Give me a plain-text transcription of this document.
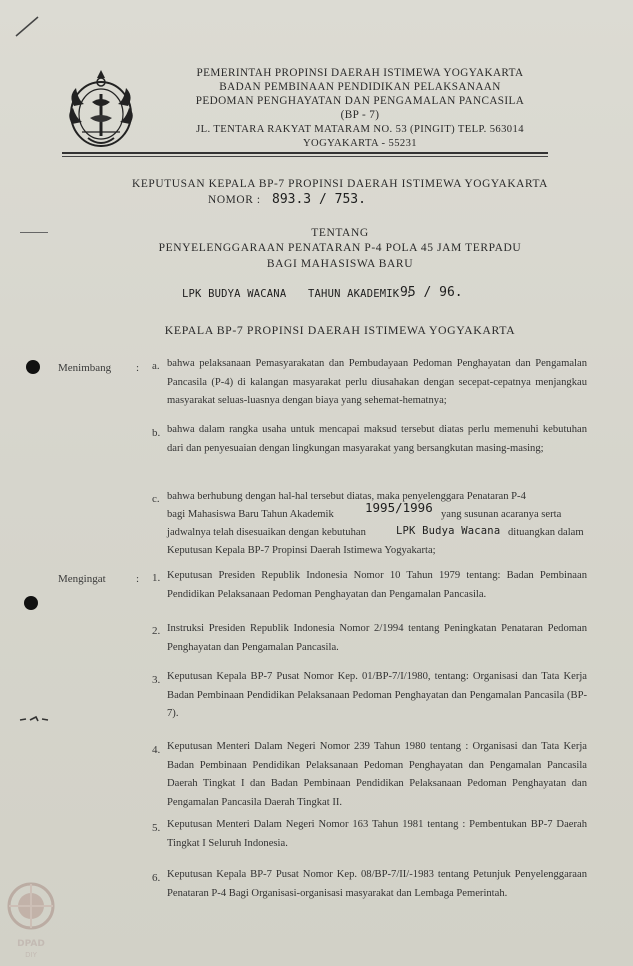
PEMERINTAH PROPINSI DAERAH ISTIMEWA YOGYAKARTA
BADAN PEMBINAAN PENDIDIKAN PELAKSANAAN
PEDOMAN PENGHAYATAN DAN PENGAMALAN PANCASILA
(BP - 7)
JL. TENTARA RAKYAT MATARAM NO. 53 (PINGIT) TELP. 563014
YOGYAKARTA - 55231
KEPUTUSAN KEPALA BP-7 PROPINSI DAERAH ISTIMEWA YOGYAKARTA
NOMOR : 893.3 / 753.
TENTANG
PENYELENGGARAAN PENATARAN P-4 POLA 45 JAM TERPADU
BAGI MAHASISWA BARU
LPK BUDYA WACANA TAHUN AKADEMIK :
95 / 96.
KEPALA BP-7 PROPINSI DAERAH ISTIMEWA YOGYAKARTA
Menimbang : a. bahwa pelaksanaan Pemasyarakatan dan Pembudayaan Pedoman Penghayatan dan Pengamalan Pancasila (P-4) di kalangan masyarakat perlu diusahakan dengan secepat-cepatnya menjangkau masyarakat seluas-luasnya dengan biaya yang sehemat-hematnya;
b. bahwa dalam rangka usaha untuk mencapai maksud tersebut diatas perlu memenuhi kebutuhan dari dan penyesuaian dengan lingkungan masyarakat yang bersangkutan masing-masing;
c. bahwa berhubung dengan hal-hal tersebut diatas, maka penyelenggara Penataran P-4
bagi Mahasiswa Baru Tahun Akademik 1995/1996 yang susunan acaranya serta
jadwalnya telah disesuaikan dengan kebutuhan	LPK Budya Wacana dituangkan dalam
Keputusan Kepala BP-7 Propinsi Daerah Istimewa Yogyakarta;
Mengingat	: 1. Keputusan Presiden Republik Indonesia Nomor 10 Tahun 1979 tentang: Badan Pembinaan Pendidikan Pelaksanaan Pedoman Penghayatan dan Pengamalan Pancasila.
2. Instruksi Presiden Republik Indonesia Nomor 2/1994 tentang Peningkatan Penataran Pedoman Penghayatan dan Pengamalan Pancasila.
3. Keputusan Kepala BP-7 Pusat Nomor Kep. 01/BP-7/I/1980, tentang: Organisasi dan Tata Kerja Badan Pembinaan Pendidikan Pelaksanaan Pedoman Penghayatan dan Pengamalan Pancasila (BP-7).
4. Keputusan Menteri Dalam Negeri Nomor 239 Tahun 1980 tentang : Organisasi dan Tata Kerja Badan Pembinaan Pendidikan Pelaksanaan Pedoman Penghayatan dan Pengamalan Pancasila Daerah Tingkat I dan Badan Pembinaan Pendidikan Pelaksanaan Pedoman Penghayatan dan Pengamalan Pancasila Daerah Tingkat II.
5. Keputusan Menteri Dalam Negeri Nomor 163 Tahun 1981 tentang : Pembentukan BP-7 Daerah Tingkat I Seluruh Indonesia.
6. Keputusan Kepala BP-7 Pusat Nomor Kep. 08/BP-7/II/-1983 tentang Petunjuk Penyelenggaraan Penataran P-4 Bagi Organisasi-organisasi masyarakat dan Lembaga Pemerintah.
DPAD
DIY
